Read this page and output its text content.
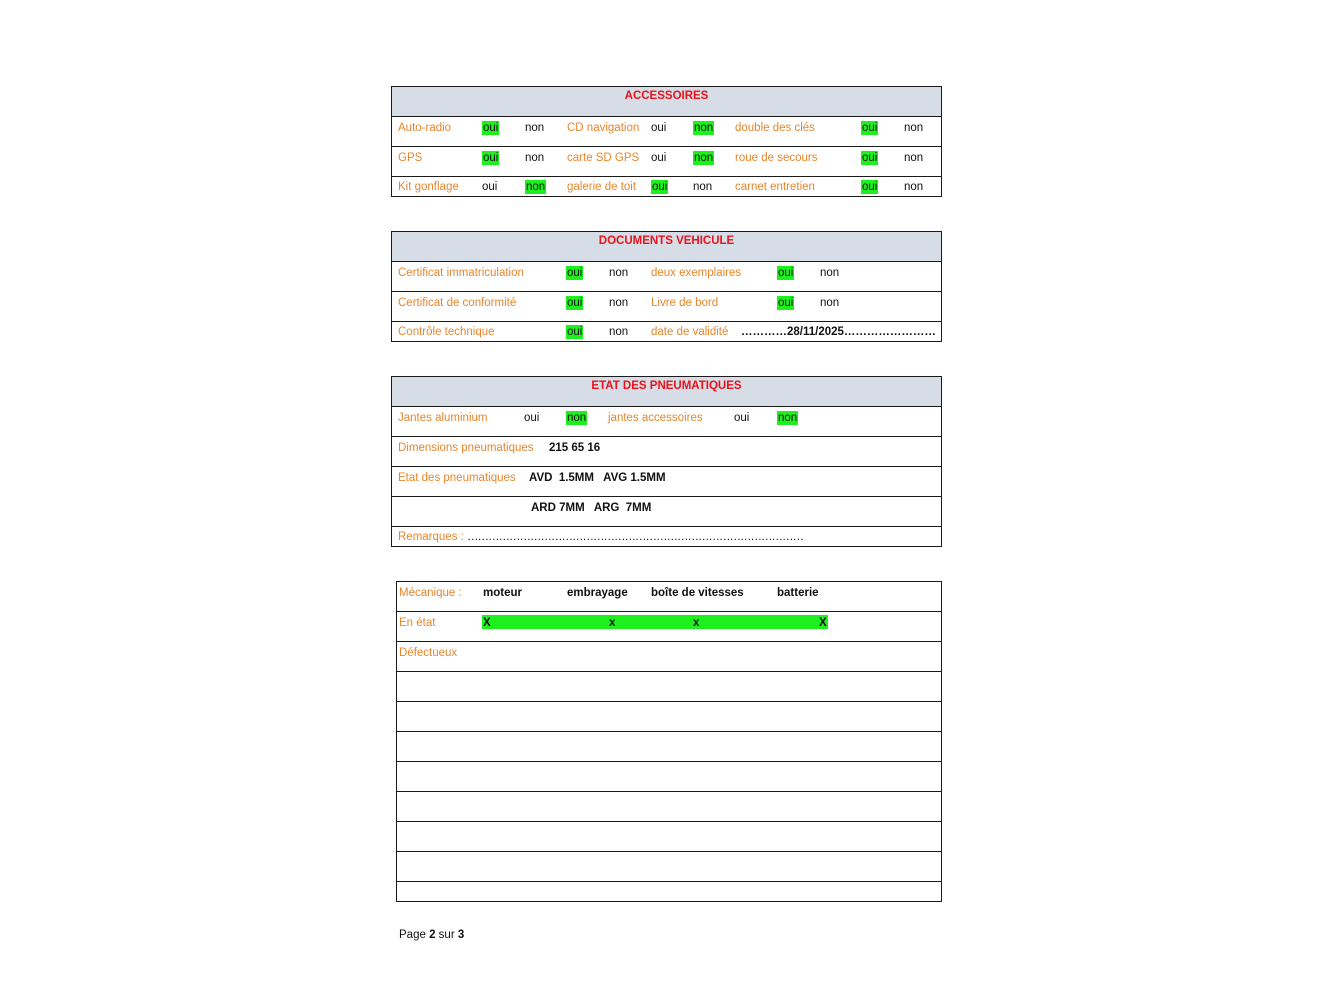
ACCESSOIRES
Auto-radio	oui non CD navigation oui non double des clés	oui non
GPS	oui non carte SD GPS oui non roue de secours	oui non
Kit gonflage oui non galerie de toit oui non carnet entretien	oui non
DOCUMENTS VEHICULE
Certificat immatriculation	oui non deux exemplaires	oui non
Certificat de conformité	oui non Livre de bord	oui non
Contrôle technique	oui non date de validité …………28/11/2025……………………
ETAT DES PNEUMATIQUES
Jantes aluminium	oui non jantes accessoires	oui non
Dimensions pneumatiques 215 65 16
Etat des pneumatiques AVD  1.5MM   AVG 1.5MM
ARD 7MM   ARG  7MM
Remarques : ……………………………………………………………………………………
Mécanique : moteur	embrayage boîte de vitesses	batterie
En état	X	x	x	X
Défectueux
Page 2 sur 3
